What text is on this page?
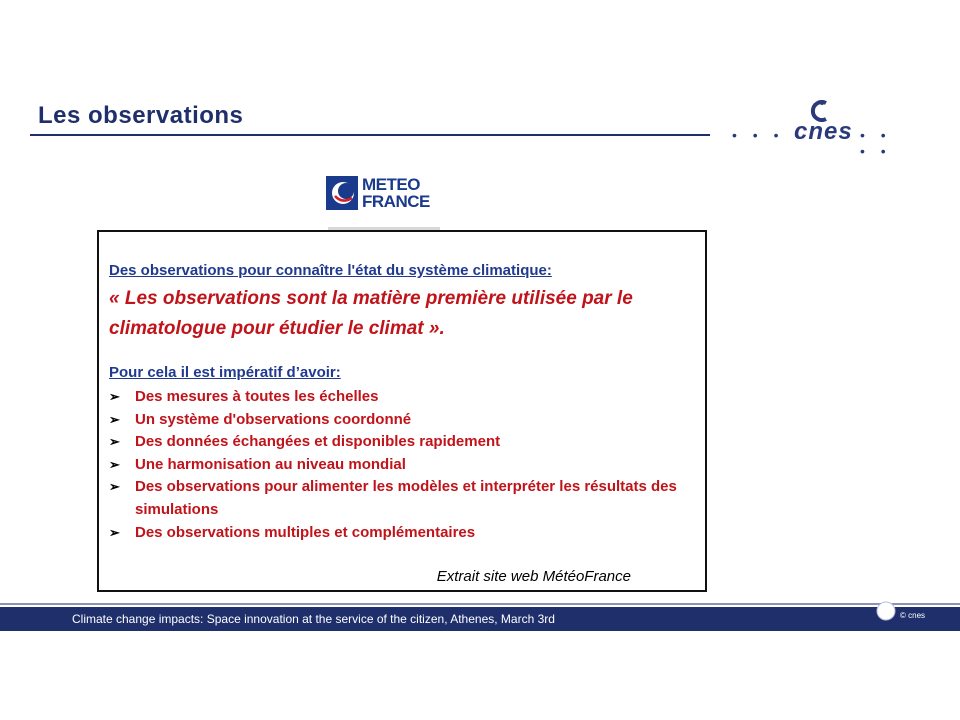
Les observations
• • • •
cnes • • • •
METEO
FRANCE
Des observations pour connaître l'état du système climatique:
« Les observations sont la matière première utilisée par le climatologue pour étudier le climat ».
Pour cela il est impératif d’avoir:
➢ Des mesures à toutes les échelles
➢ Un système d'observations coordonné
➢ Des données échangées et disponibles rapidement
➢ Une harmonisation au niveau mondial
➢ Des observations pour alimenter les modèles et interpréter les résultats des simulations
➢ Des observations multiples et complémentaires
Extrait site web MétéoFrance
Climate change impacts: Space innovation at the service of the citizen, Athenes, March 3rd	© cnes
